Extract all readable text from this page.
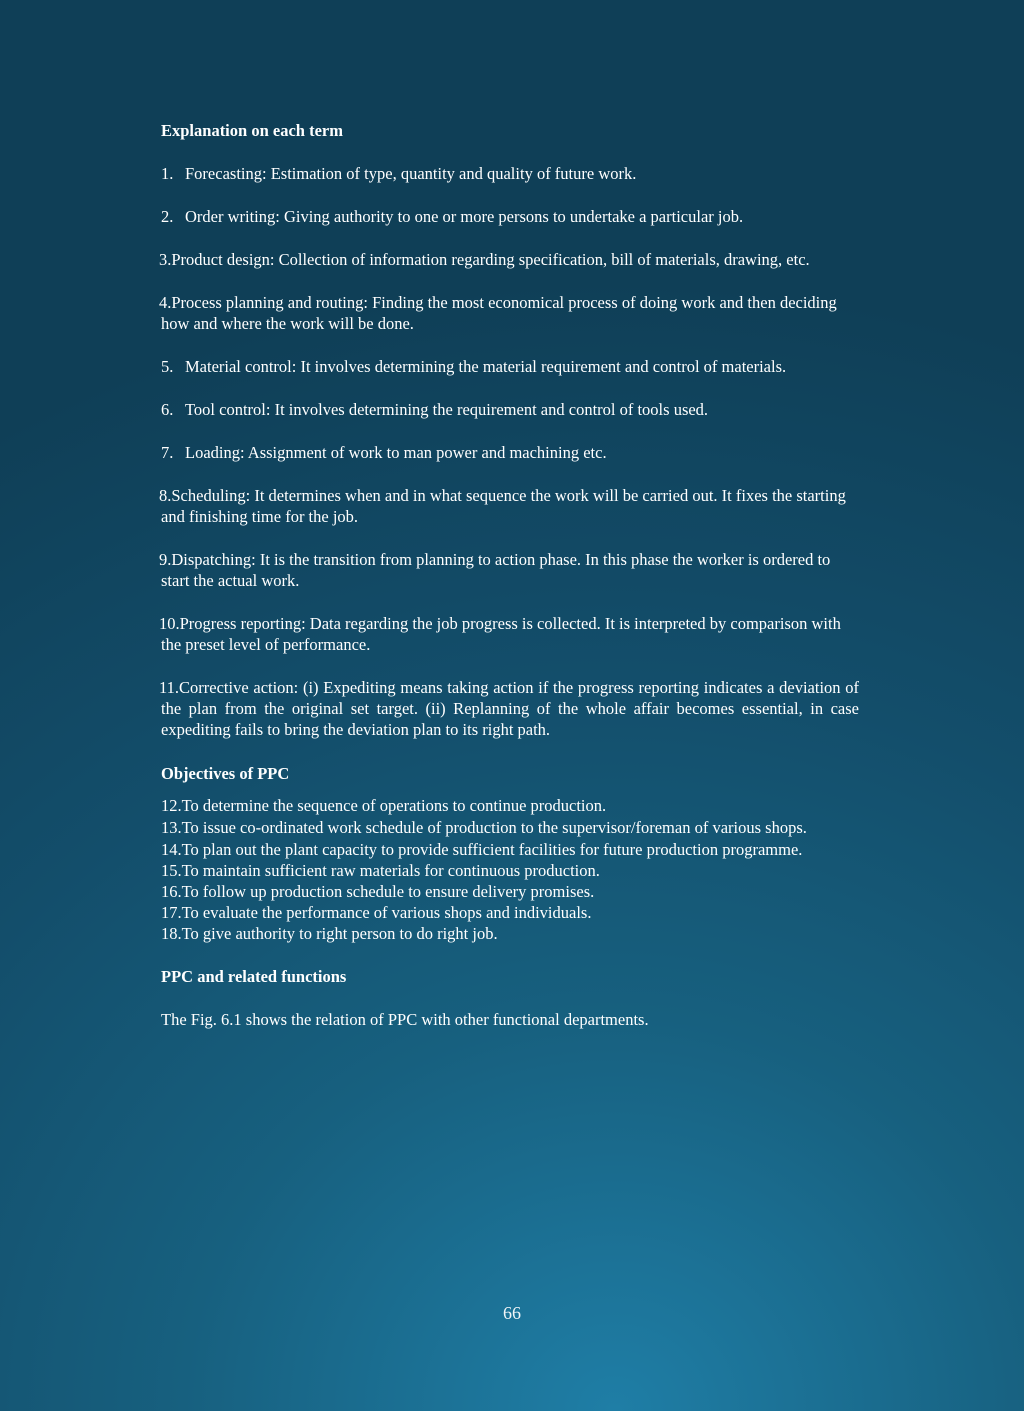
Explanation on each term

1. Forecasting: Estimation of type, quantity and quality of future work.

2. Order writing: Giving authority to one or more persons to undertake a particular job.

3.Product design: Collection of information regarding specification, bill of materials, drawing, etc.

4.Process planning and routing: Finding the most economical process of doing work and then deciding how and where the work will be done.

5. Material control: It involves determining the material requirement and control of materials.

6. Tool control: It involves determining the requirement and control of tools used.

7. Loading: Assignment of work to man power and machining etc.

8.Scheduling: It determines when and in what sequence the work will be carried out. It fixes the starting and finishing time for the job.

9.Dispatching: It is the transition from planning to action phase. In this phase the worker is ordered to start the actual work.

10.Progress reporting: Data regarding the job progress is collected. It is interpreted by comparison with the preset level of performance.

11.Corrective action: (i) Expediting means taking action if the progress reporting indicates a deviation of the plan from the original set target. (ii) Replanning of the whole affair becomes essential, in case expediting fails to bring the deviation plan to its right path.

Objectives of PPC

12.To determine the sequence of operations to continue production.

13.To issue co-ordinated work schedule of production to the supervisor/foreman of various shops.

14.To plan out the plant capacity to provide sufficient facilities for future production programme.

15.To maintain sufficient raw materials for continuous production.

16.To follow up production schedule to ensure delivery promises.

17.To evaluate the performance of various shops and individuals.

18.To give authority to right person to do right job.

PPC and related functions

The Fig. 6.1 shows the relation of PPC with other functional departments.

66
